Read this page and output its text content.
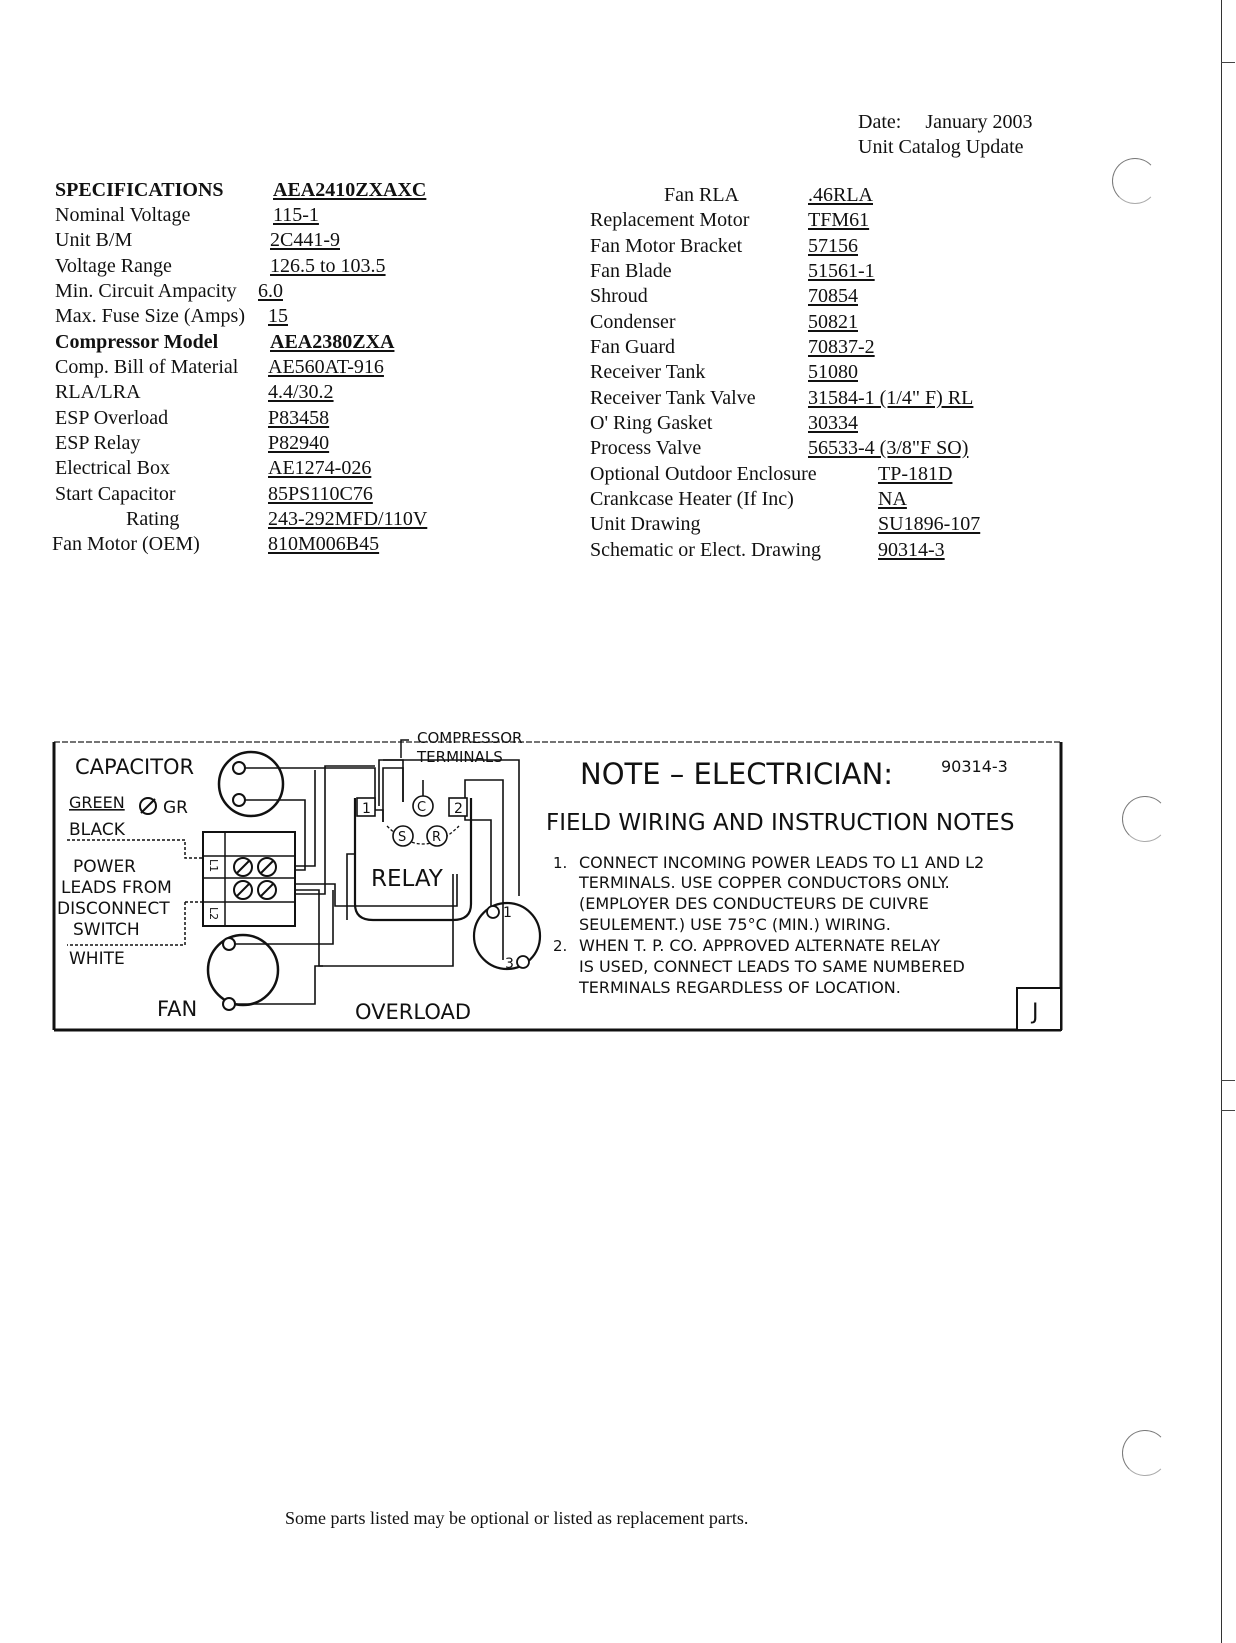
Date: January 2003
Unit Catalog Update
SPECIFICATIONS AEA2410ZXAXC
Nominal Voltage	115-1
Unit B/M	2C441-9
Voltage Range	126.5 to 103.5
Min. Circuit Ampacity 6.0
Max. Fuse Size (Amps) 15
Compressor Model	AEA2380ZXA
Comp. Bill of Material AE560AT-916
RLA/LRA	4.4/30.2
ESP Overload	P83458
ESP Relay	P82940
Electrical Box	AE1274-026
Start Capacitor	85PS110C76
Rating	243-292MFD/110V
Fan Motor (OEM)	810M006B45
Fan RLA	.46RLA
Replacement Motor	TFM61
Fan Motor Bracket	57156
Fan Blade	51561-1
Shroud	70854
Condenser	50821
Fan Guard	70837-2
Receiver Tank	51080
Receiver Tank Valve	31584-1 (1/4" F) RL
O' Ring Gasket	30334
Process Valve	56533-4 (3/8"F SO)
Optional Outdoor Enclosure	TP-181D
Crankcase Heater (If Inc)	NA
Unit Drawing	SU1896-107
Schematic or Elect. Drawing	90314-3
CAPACITOR
GREEN GR
BLACK
POWER
LEADS FROM
DISCONNECT
SWITCH
WHITE
L1
L2
FAN
COMPRESSOR
TERMINALS
1	2
C
S R
RELAY
1
3
OVERLOAD
NOTE – ELECTRICIAN:	90314-3
FIELD WIRING AND INSTRUCTION NOTES
1. CONNECT INCOMING POWER LEADS TO L1 AND L2
TERMINALS. USE COPPER CONDUCTORS ONLY.
(EMPLOYER DES CONDUCTEURS DE CUIVRE
SEULEMENT.) USE 75°C (MIN.) WIRING.
2. WHEN T. P. CO. APPROVED ALTERNATE RELAY
IS USED, CONNECT LEADS TO SAME NUMBERED
TERMINALS REGARDLESS OF LOCATION.
J
Some parts listed may be optional or listed as replacement parts.
